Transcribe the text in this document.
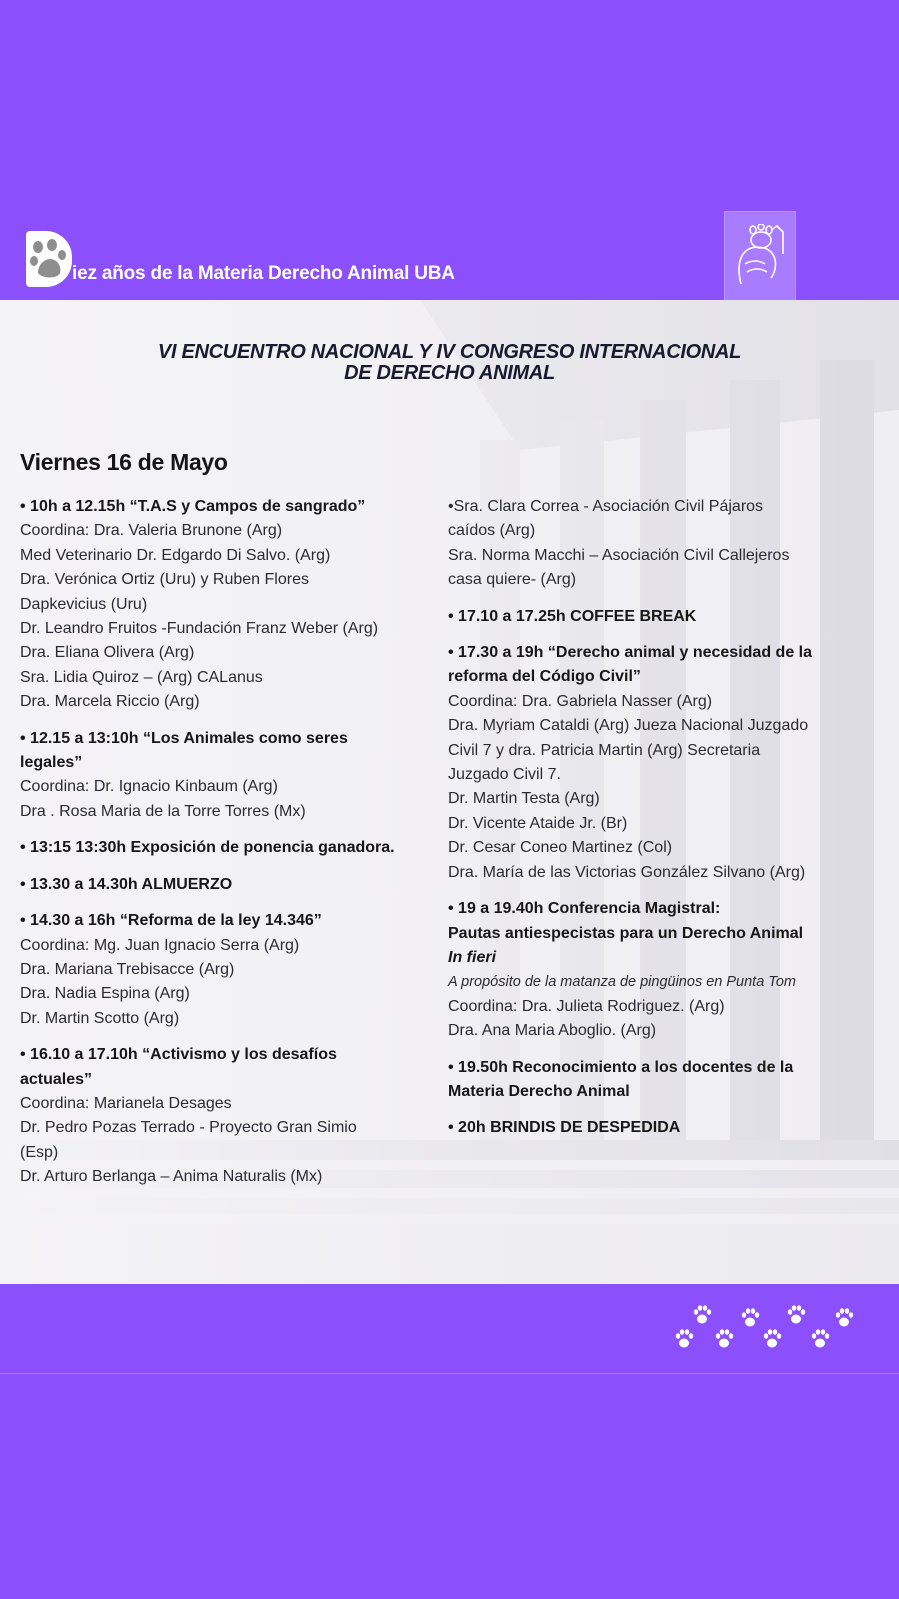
iez años de la Materia Derecho Animal UBA
VI ENCUENTRO NACIONAL Y IV CONGRESO INTERNACIONAL
DE DERECHO ANIMAL
Viernes 16 de Mayo
• 10h a 12.15h “T.A.S y Campos de sangrado”
Coordina: Dra. Valeria Brunone (Arg)
Med Veterinario Dr. Edgardo Di Salvo. (Arg)
Dra. Verónica Ortiz (Uru) y Ruben Flores
Dapkevicius (Uru)
Dr. Leandro Fruitos -Fundación Franz Weber (Arg)
Dra. Eliana Olivera (Arg)
Sra. Lidia Quiroz – (Arg) CALanus
Dra. Marcela Riccio (Arg)
• 12.15 a 13:10h “Los Animales como seres
legales”
Coordina: Dr. Ignacio Kinbaum (Arg)
Dra . Rosa Maria de la Torre Torres (Mx)
• 13:15 13:30h Exposición de ponencia ganadora.
• 13.30 a 14.30h ALMUERZO
• 14.30 a 16h “Reforma de la ley 14.346”
Coordina: Mg. Juan Ignacio Serra (Arg)
Dra. Mariana Trebisacce (Arg)
Dra. Nadia Espina (Arg)
Dr. Martin Scotto (Arg)
• 16.10 a 17.10h “Activismo y los desafíos
actuales”
Coordina: Marianela Desages
Dr. Pedro Pozas Terrado - Proyecto Gran Simio
(Esp)
Dr. Arturo Berlanga – Anima Naturalis (Mx)
•Sra. Clara Correa - Asociación Civil Pájaros
caídos (Arg)
Sra. Norma Macchi – Asociación Civil Callejeros
casa quiere- (Arg)
• 17.10 a 17.25h COFFEE BREAK
• 17.30 a 19h “Derecho animal y necesidad de la
reforma del Código Civil”
Coordina: Dra. Gabriela Nasser (Arg)
Dra. Myriam Cataldi (Arg) Jueza Nacional Juzgado
Civil 7 y dra. Patricia Martin (Arg) Secretaria
Juzgado Civil 7.
Dr. Martin Testa (Arg)
Dr. Vicente Ataide Jr. (Br)
Dr. Cesar Coneo Martinez (Col)
Dra. María de las Victorias González Silvano (Arg)
• 19 a 19.40h Conferencia Magistral:
Pautas antiespecistas para un Derecho Animal
In fieri
A propósito de la matanza de pingüinos en Punta Tom
Coordina: Dra. Julieta Rodriguez. (Arg)
Dra. Ana Maria Aboglio. (Arg)
• 19.50h Reconocimiento a los docentes de la
Materia Derecho Animal
• 20h BRINDIS DE DESPEDIDA
